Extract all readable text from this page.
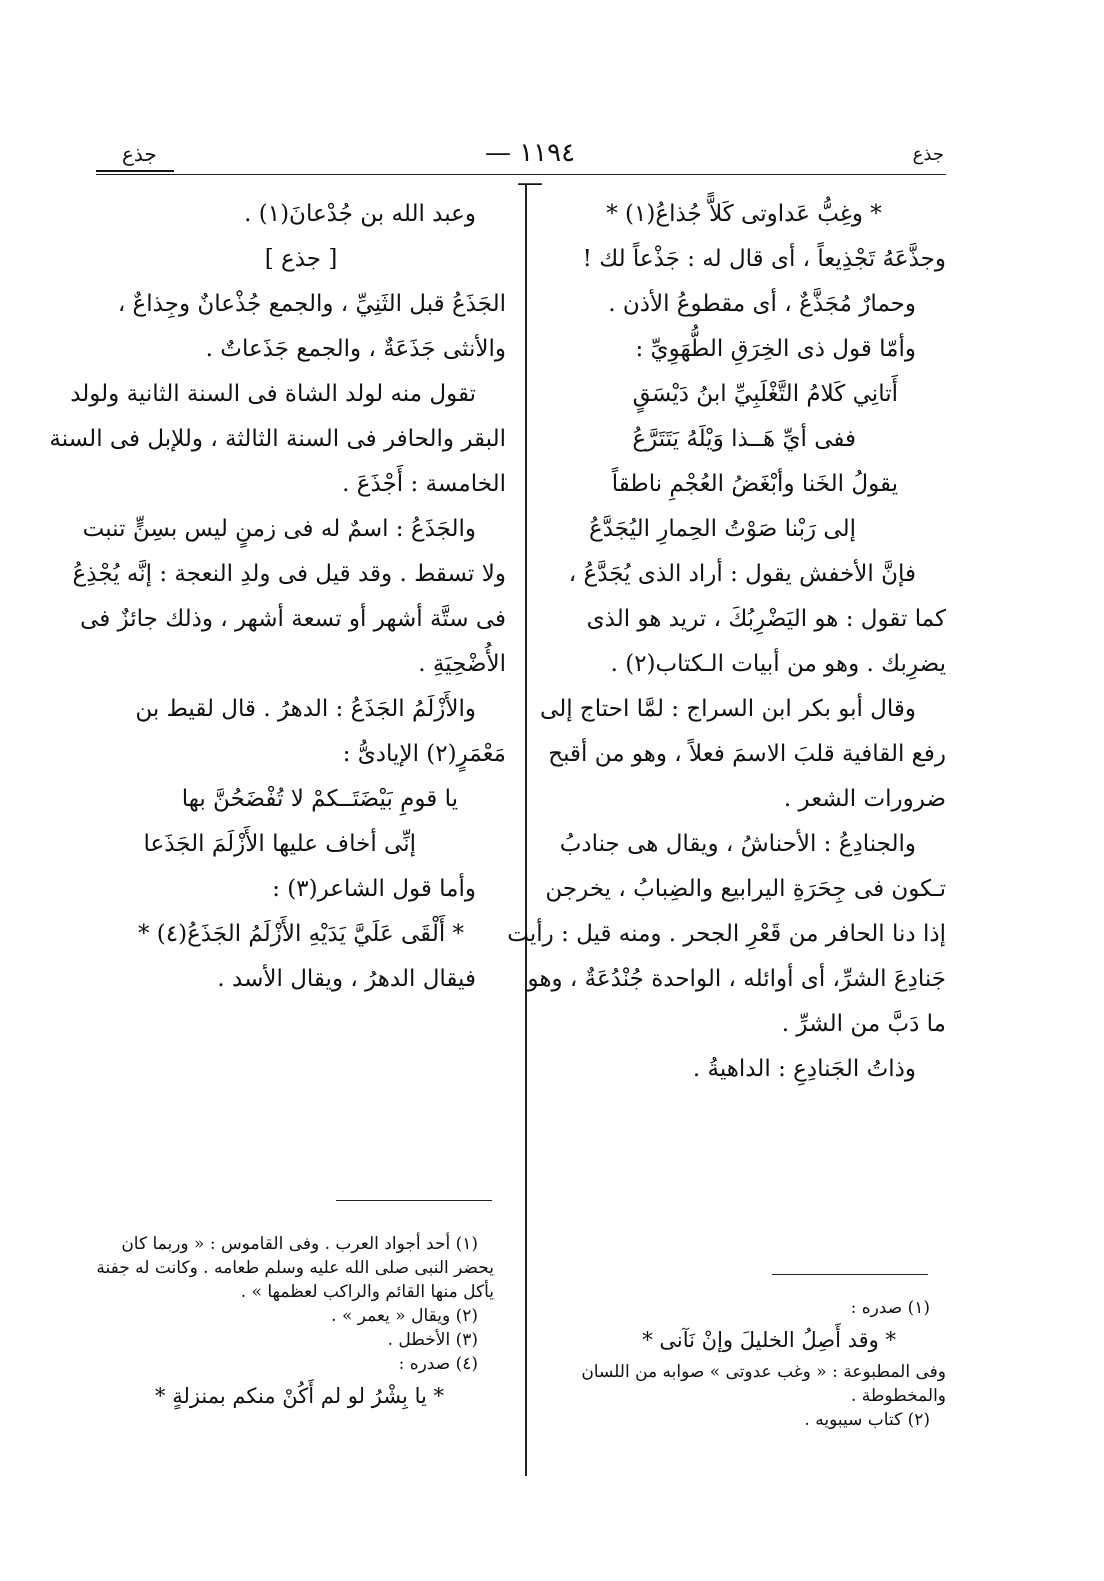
جذع
— ١١٩٤ —
جذع
* وغِبُّ عَداوتى كَلاًّ جُذاعُ(١) *
وجذَّعَهُ تَجْذِيعاً ، أى قال له : جَذْعاً لك !
وحمارٌ مُجَذَّعٌ ، أى مقطوعُ الأذن .
وأمّا قول ذى الخِرَقِ الطُّهَوِيِّ :
أَتانِي كَلامُ التَّغْلَبِيِّ ابنُ دَيْسَقٍ
ففى أيِّ هَــذا وَيْلَهُ يَتَتَرَّعُ
يقولُ الخَنا وأبْغَضُ العُجْمِ ناطقاً
إلى رَبْنا صَوْتُ الحِمارِ اليُجَدَّعُ
فإنَّ الأخفش يقول : أراد الذى يُجَدَّعُ ،
كما تقول : هو اليَضْرِبُكَ ، تريد هو الذى
يضرِبك . وهو من أبيات الـكتاب(٢) .
وقال أبو بكر ابن السراج : لمَّا احتاج إلى
رفع القافية قلبَ الاسمَ فعلاً ، وهو من أقبح
ضرورات الشعر .
والجنادِعُ : الأحناشُ ، ويقال هى جنادبُ
تـكون فى جِحَرَةِ اليرابيع والضِبابُ ، يخرجن
إذا دنا الحافر من قَعْرِ الجحر . ومنه قيل : رأيت
جَنادِعَ الشرِّ، أى أوائله ، الواحدة جُنْدُعَةٌ ، وهو
ما دَبَّ من الشرِّ .
وذاتُ الجَنادِعِ : الداهيةُ .
وعبد الله بن جُدْعانَ(١) .
[ جذع ]
الجَذَعُ قبل الثَنِيِّ ، والجمع جُذْعانٌ وجِذاعٌ ،
والأنثى جَذَعَةٌ ، والجمع جَذَعاتٌ .
تقول منه لولد الشاة فى السنة الثانية ولولد
البقر والحافر فى السنة الثالثة ، وللإبل فى السنة
الخامسة : أَجْذَعَ .
والجَذَعُ : اسمٌ له فى زمنٍ ليس بسِنٍّ تنبت
ولا تسقط . وقد قيل فى ولدِ النعجة : إنَّه يُجْذِعُ
فى ستَّة أشهر أو تسعة أشهر ، وذلك جائزٌ فى
الأُضْحِيَةِ .
والأَزْلَمُ الجَذَعُ : الدهرُ . قال لقيط بن
مَعْمَرٍ(٢) الإيادىُّ :
يا قومِ بَيْضَتَــكمْ لا تُفْضَحُنَّ بها
إنِّى أخاف عليها الأَزْلَمَ الجَذَعا
وأما قول الشاعر(٣) :
* أَلْقَى عَلَيَّ يَدَيْهِ الأَزْلَمُ الجَذَعُ(٤) *
فيقال الدهرُ ، ويقال الأسد .
(١) أحد أجواد العرب . وفى القاموس : « وربما كان
يحضر النبى صلى الله عليه وسلم طعامه . وكانت له جفنة
يأكل منها القائم والراكب لعظمها » .
(٢) ويقال « يعمر » .
(٣) الأخطل .
(٤) صدره :
* يا بِشْرُ لو لم أَكُنْ منكم بمنزلةٍ *
(١) صدره :
* وقد أَصِلُ الخليلَ وإنْ نَآنى *
وفى المطبوعة : « وغب عدوتى » صوابه من اللسان
والمخطوطة .
(٢) كتاب سيبويه .
